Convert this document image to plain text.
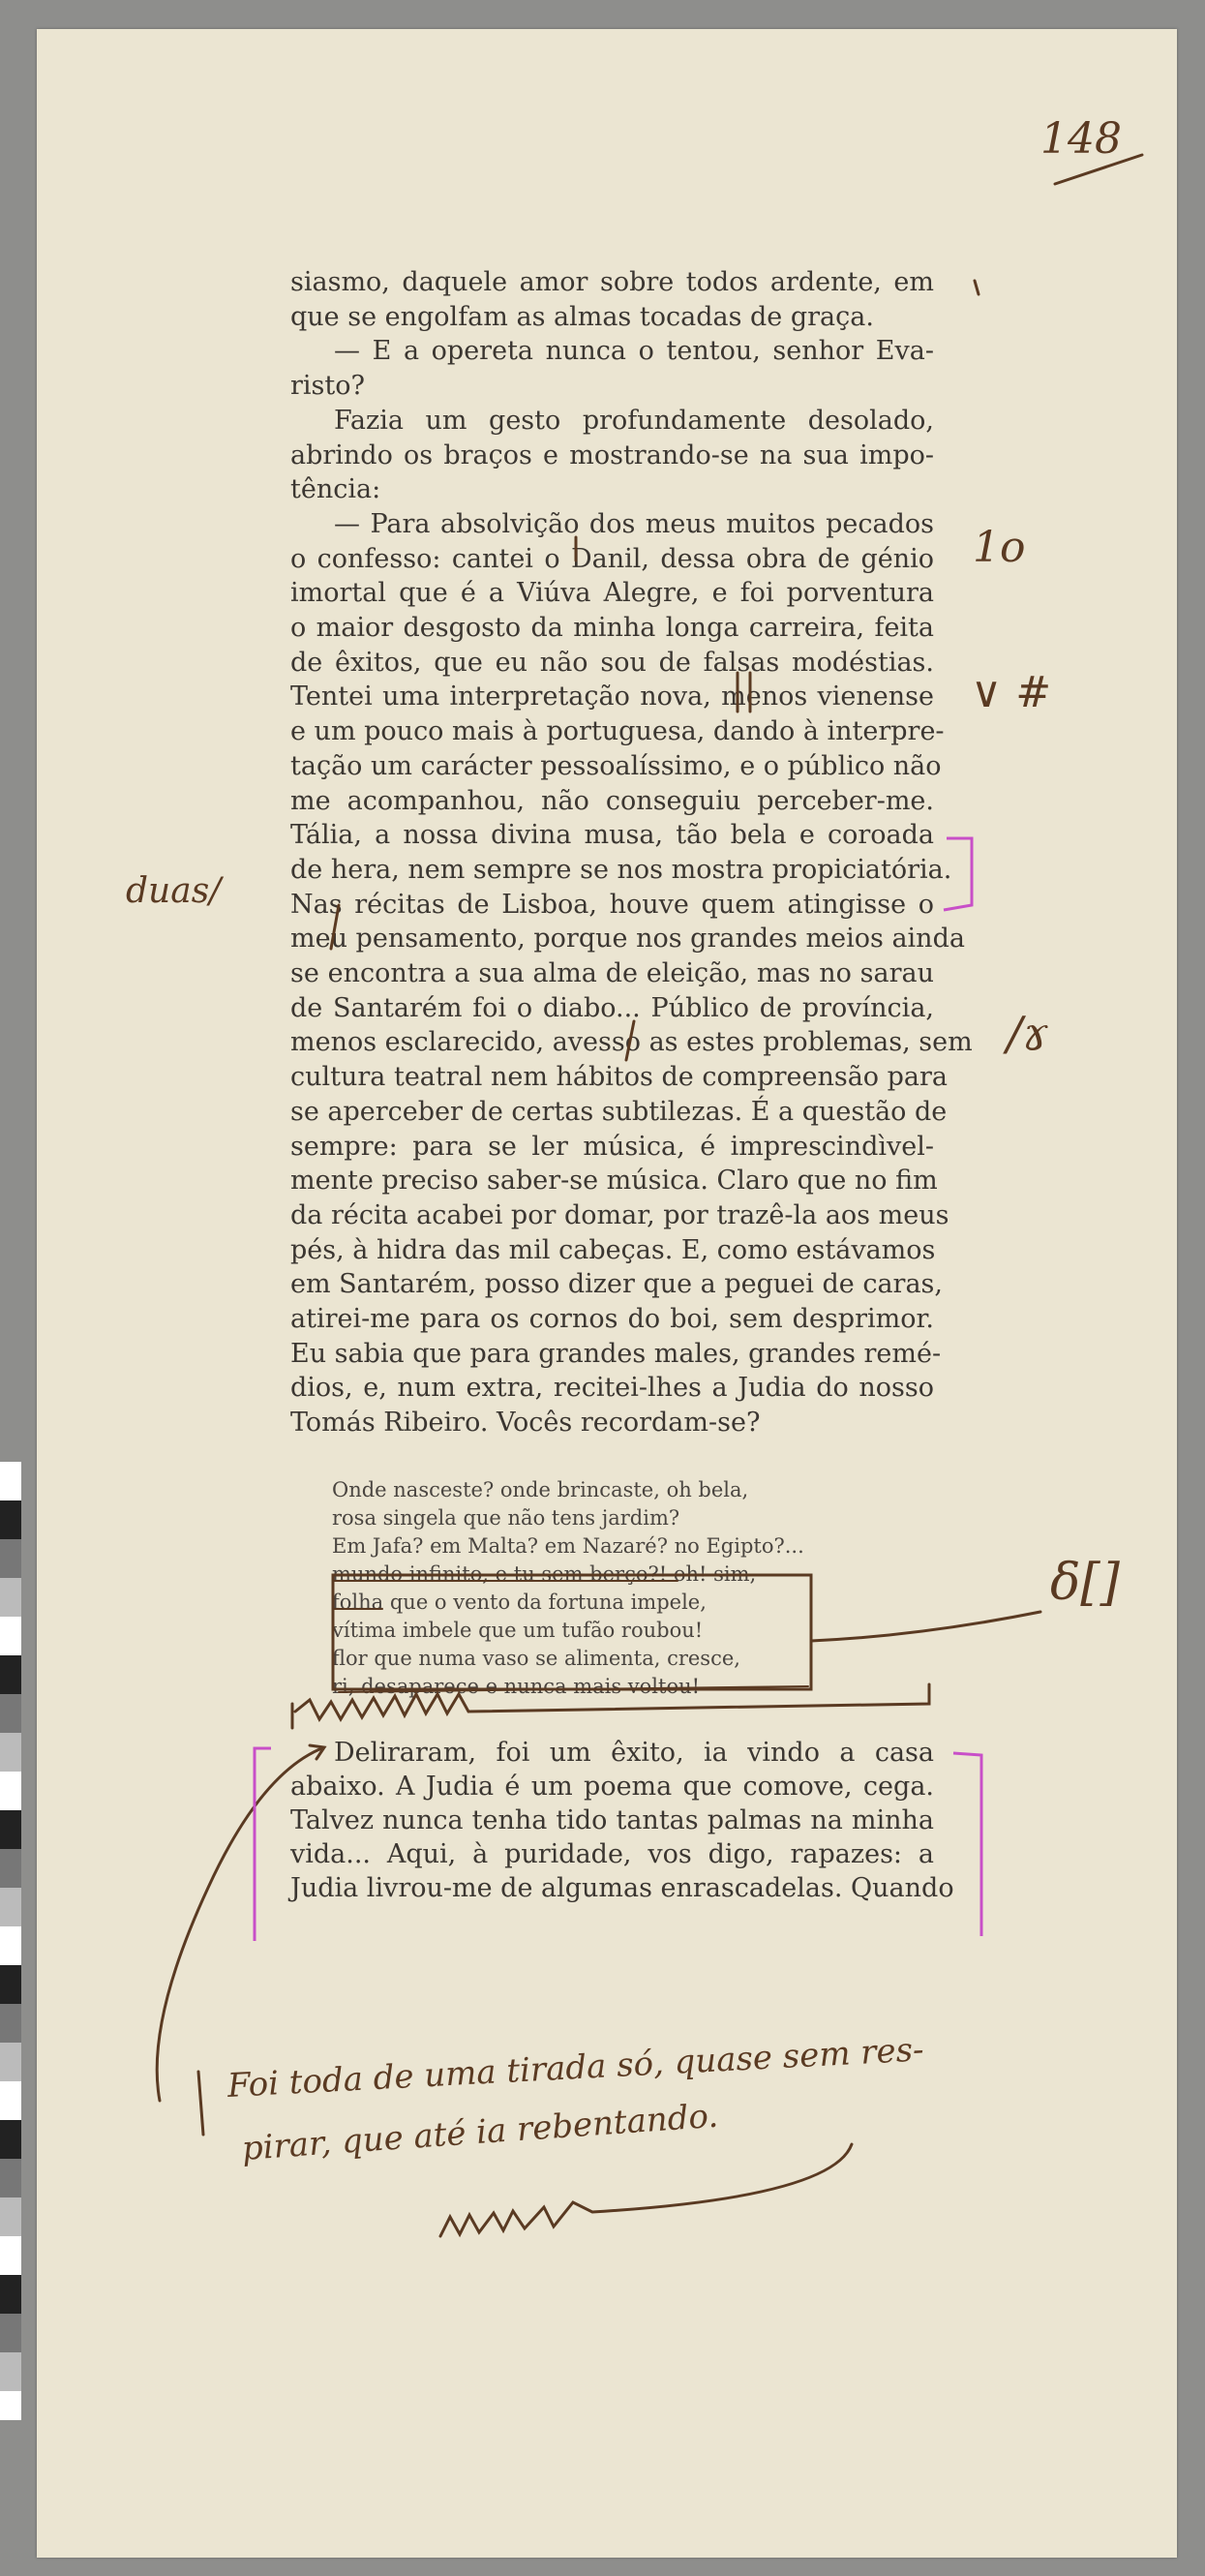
siasmo, daquele amor sobre todos ardente, em
que se engolfam as almas tocadas de graça.
— E a opereta nunca o tentou, senhor Eva-
risto?
Fazia um gesto profundamente desolado,
abrindo os braços e mostrando-se na sua impo-
tência:
— Para absolvição dos meus muitos pecados
o confesso: cantei o Danil, dessa obra de génio
imortal que é a Viúva Alegre, e foi porventura
o maior desgosto da minha longa carreira, feita
de êxitos, que eu não sou de falsas modéstias.
Tentei uma interpretação nova, menos vienense
e um pouco mais à portuguesa, dando à interpre-
tação um carácter pessoalíssimo, e o público não
me acompanhou, não conseguiu perceber-me.
Tália, a nossa divina musa, tão bela e coroada
de hera, nem sempre se nos mostra propiciatória.
Nas récitas de Lisboa, houve quem atingisse o
meu pensamento, porque nos grandes meios ainda
se encontra a sua alma de eleição, mas no sarau
de Santarém foi o diabo... Público de província,
menos esclarecido, avesso as estes problemas, sem
cultura teatral nem hábitos de compreensão para
se aperceber de certas subtilezas. É a questão de
sempre: para se ler música, é imprescindìvel-
mente preciso saber-se música. Claro que no fim
da récita acabei por domar, por trazê-la aos meus
pés, à hidra das mil cabeças. E, como estávamos
em Santarém, posso dizer que a peguei de caras,
atirei-me para os cornos do boi, sem desprimor.
Eu sabia que para grandes males, grandes remé-
dios, e, num extra, recitei-lhes a Judia do nosso
Tomás Ribeiro. Vocês recordam-se?
Onde nasceste? onde brincaste, oh bela,
rosa singela que não tens jardim?
Em Jafa? em Malta? em Nazaré? no Egipto?...
mundo infinito, e tu sem berço?! oh! sim,
folha que o vento da fortuna impele,
vítima imbele que um tufão roubou!
flor que numa vaso se alimenta, cresce,
ri, desaparece e nunca mais voltou!
Deliraram, foi um êxito, ia vindo a casa
abaixo. A Judia é um poema que comove, cega.
Talvez nunca tenha tido tantas palmas na minha
vida... Aqui, à puridade, vos digo, rapazes: a
Judia livrou-me de algumas enrascadelas. Quando
148
1o
∨ #
duas/
/ɤ
δ[]
Foi toda de uma tirada só, quase sem res-
pirar, que até ia rebentando.
